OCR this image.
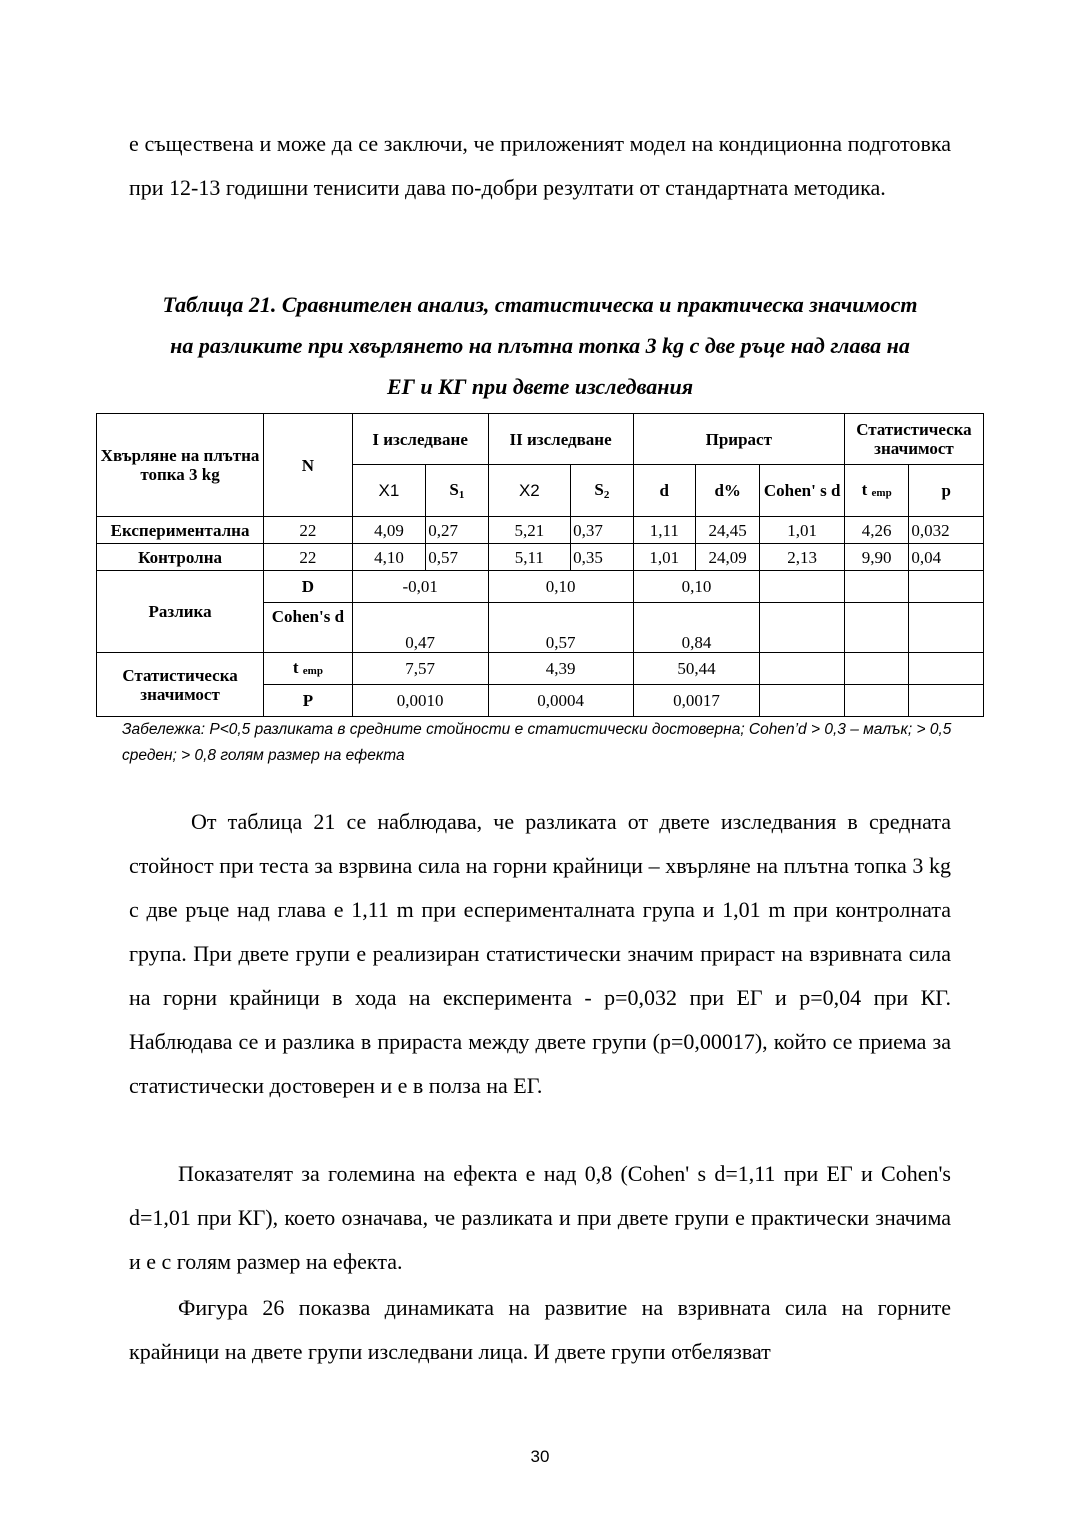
е съществена и може да се заключи, че приложеният модел на кондиционна подготовка при 12-13 годишни тенисити дава по-добри резултати от стандартната методика.

Таблица 21. Сравнителен анализ, статистическа и практическа значимост
на разликите при хвърлянето на плътна топка 3 kg с две ръце над глава на
ЕГ и КГ при двете изследвания
Хвърляне на плътна топка 3 kg	N	I изследване		II изследване		Прираст			Статистическа значимост	
		X1	$S_1$	X2	$S_2$	d	d%	Cohen' s d	t $_{emp}$	p
Експериментална	22	4,09	0,27	5,21	0,37	1,11	24,45	1,01	4,26	0,032
Контролна	22	4,10	0,57	5,11	0,35	1,01	24,09	2,13	9,90	0,04
Разлика	D	-0,01		0,10		0,10				
	Cohen's d	0,47		0,57		0,84				
Статистическа значимост	t $_{emp}$	7,57		4,39		50,44				
	P	0,0010		0,0004		0,0017				
Забележка: P<0,5 разликата в средните стойности е статистически достоверна; Cohen’d > 0,3 – малък; > 0,5 среден; > 0,8 голям размер на ефекта

От таблица 21 се наблюдава, че разликата от двете изследвания в средната стойност при теста за взрвина сила на горни крайници – хвърляне на плътна топка 3 kg с две ръце над глава е 1,11 m при есперименталната група и 1,01 m при контролната група. При двете групи е реализиран статистически значим прираст на взривната сила на горни крайници в хода на експеримента - p=0,032 при ЕГ и p=0,04 при КГ. Наблюдава се и разлика в прираста между двете групи (p=0,00017), който се приема за статистически достоверен и е в полза на ЕГ.

Показателят за големина на ефекта е над 0,8 (Cohen' s d=1,11 при ЕГ и Cohen's d=1,01 при КГ), което означава, че разликата и при двете групи е практически значима и е с голям размер на ефекта.

Фигура 26 показва динамиката на развитие на взривната сила на горните крайници на двете групи изследвани лица. И двете групи отбелязват

30
